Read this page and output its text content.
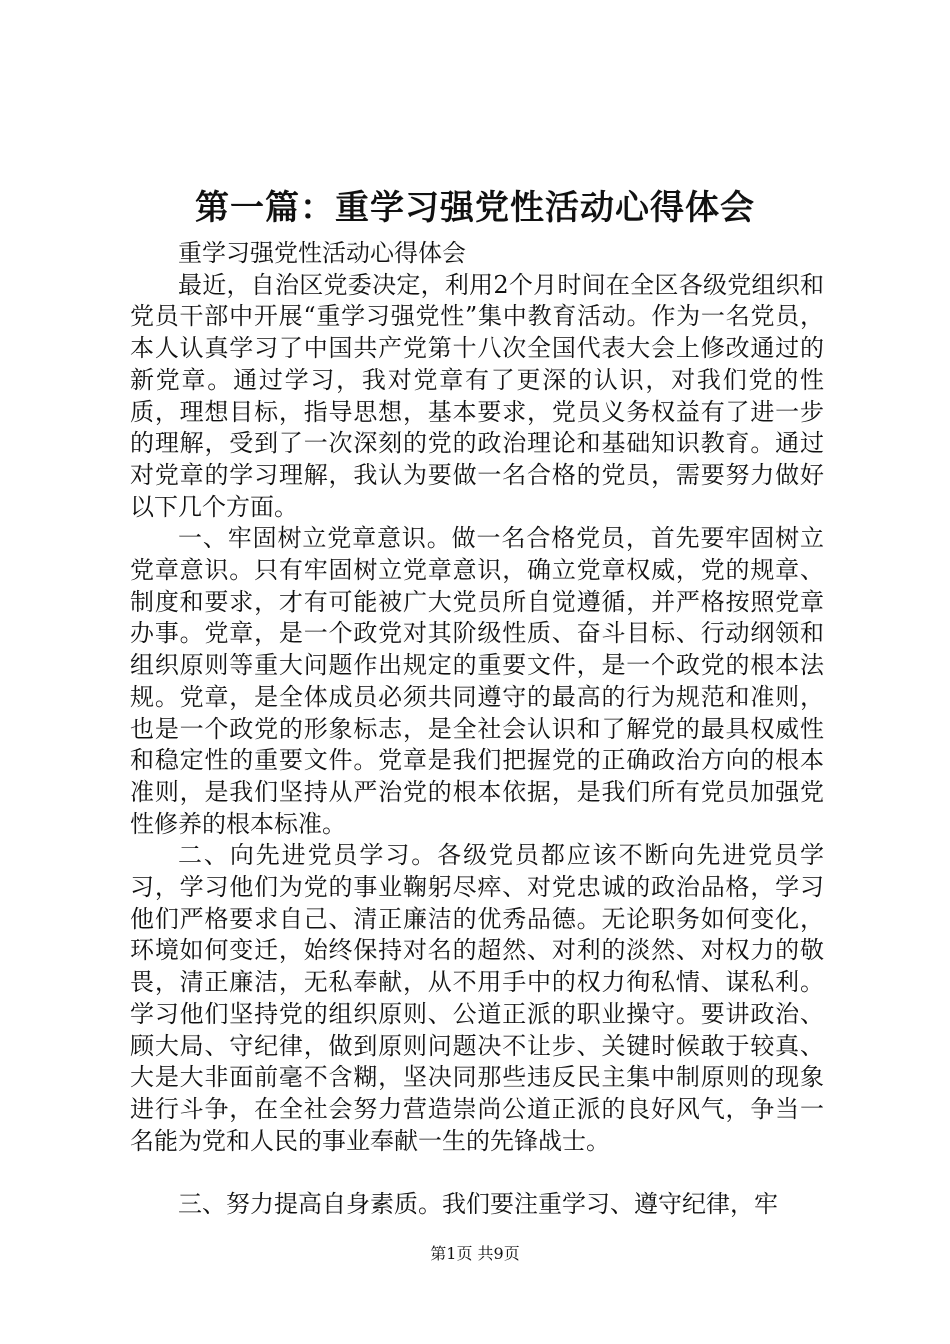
第一篇：重学习强党性活动心得体会

重学习强党性活动心得体会

最近，自治区党委决定，利用2个月时间在全区各级党组织和党员干部中开展“重学习强党性”集中教育活动。作为一名党员，本人认真学习了中国共产党第十八次全国代表大会上修改通过的新党章。通过学习，我对党章有了更深的认识，对我们党的性质，理想目标，指导思想，基本要求，党员义务权益有了进一步的理解，受到了一次深刻的党的政治理论和基础知识教育。通过对党章的学习理解，我认为要做一名合格的党员，需要努力做好以下几个方面。

一、牢固树立党章意识。做一名合格党员，首先要牢固树立党章意识。只有牢固树立党章意识，确立党章权威，党的规章、制度和要求，才有可能被广大党员所自觉遵循，并严格按照党章办事。党章，是一个政党对其阶级性质、奋斗目标、行动纲领和组织原则等重大问题作出规定的重要文件，是一个政党的根本法规。党章，是全体成员必须共同遵守的最高的行为规范和准则，也是一个政党的形象标志，是全社会认识和了解党的最具权威性和稳定性的重要文件。党章是我们把握党的正确政治方向的根本准则，是我们坚持从严治党的根本依据，是我们所有党员加强党性修养的根本标准。

二、向先进党员学习。各级党员都应该不断向先进党员学习，学习他们为党的事业鞠躬尽瘁、对党忠诚的政治品格，学习他们严格要求自己、清正廉洁的优秀品德。无论职务如何变化，环境如何变迁，始终保持对名的超然、对利的淡然、对权力的敬畏，清正廉洁，无私奉献，从不用手中的权力徇私情、谋私利。学习他们坚持党的组织原则、公道正派的职业操守。要讲政治、顾大局、守纪律，做到原则问题决不让步、关键时候敢于较真、大是大非面前毫不含糊，坚决同那些违反民主集中制原则的现象进行斗争，在全社会努力营造崇尚公道正派的良好风气，争当一名能为党和人民的事业奉献一生的先锋战士。

三、努力提高自身素质。我们要注重学习、遵守纪律，牢

第1页 共9页
